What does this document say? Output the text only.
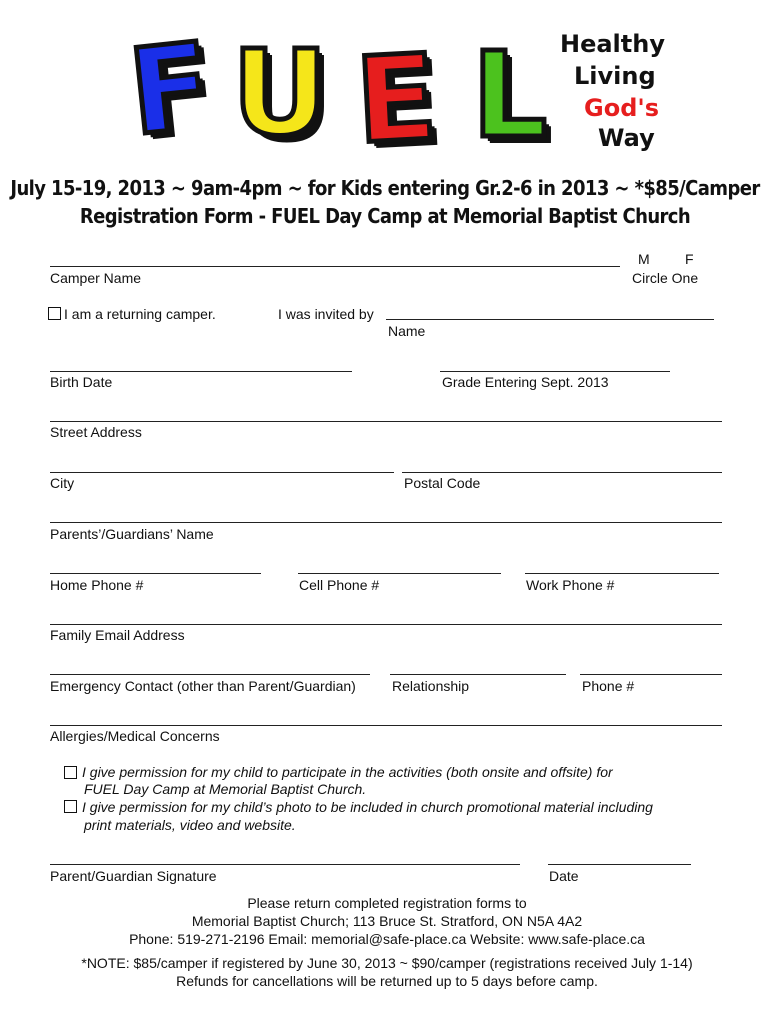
F U E L Healthy
Living
God's
Way
July 15-19, 2013 ~ 9am-4pm ~ for Kids entering Gr.2-6 in 2013 ~ *$85/Camper
Registration Form - FUEL Day Camp at Memorial Baptist Church
M	F
Camper Name	Circle One
I am a returning camper.	I was invited by
Name
Birth Date	Grade Entering Sept. 2013
Street Address
City	Postal Code
Parents’/Guardians’ Name
Home Phone #	Cell Phone #	Work Phone #
Family Email Address
Emergency Contact (other than Parent/Guardian)	Relationship	Phone #
Allergies/Medical Concerns
I give permission for my child to participate in the activities (both onsite and offsite) for
FUEL Day Camp at Memorial Baptist Church.
I give permission for my child’s photo to be included in church promotional material including
print materials, video and website.
Parent/Guardian Signature	Date
Please return completed registration forms to
Memorial Baptist Church; 113 Bruce St. Stratford, ON N5A 4A2
Phone: 519-271-2196 Email: memorial@safe-place.ca Website: www.safe-place.ca
*NOTE: $85/camper if registered by June 30, 2013 ~ $90/camper (registrations received July 1-14)
Refunds for cancellations will be returned up to 5 days before camp.
